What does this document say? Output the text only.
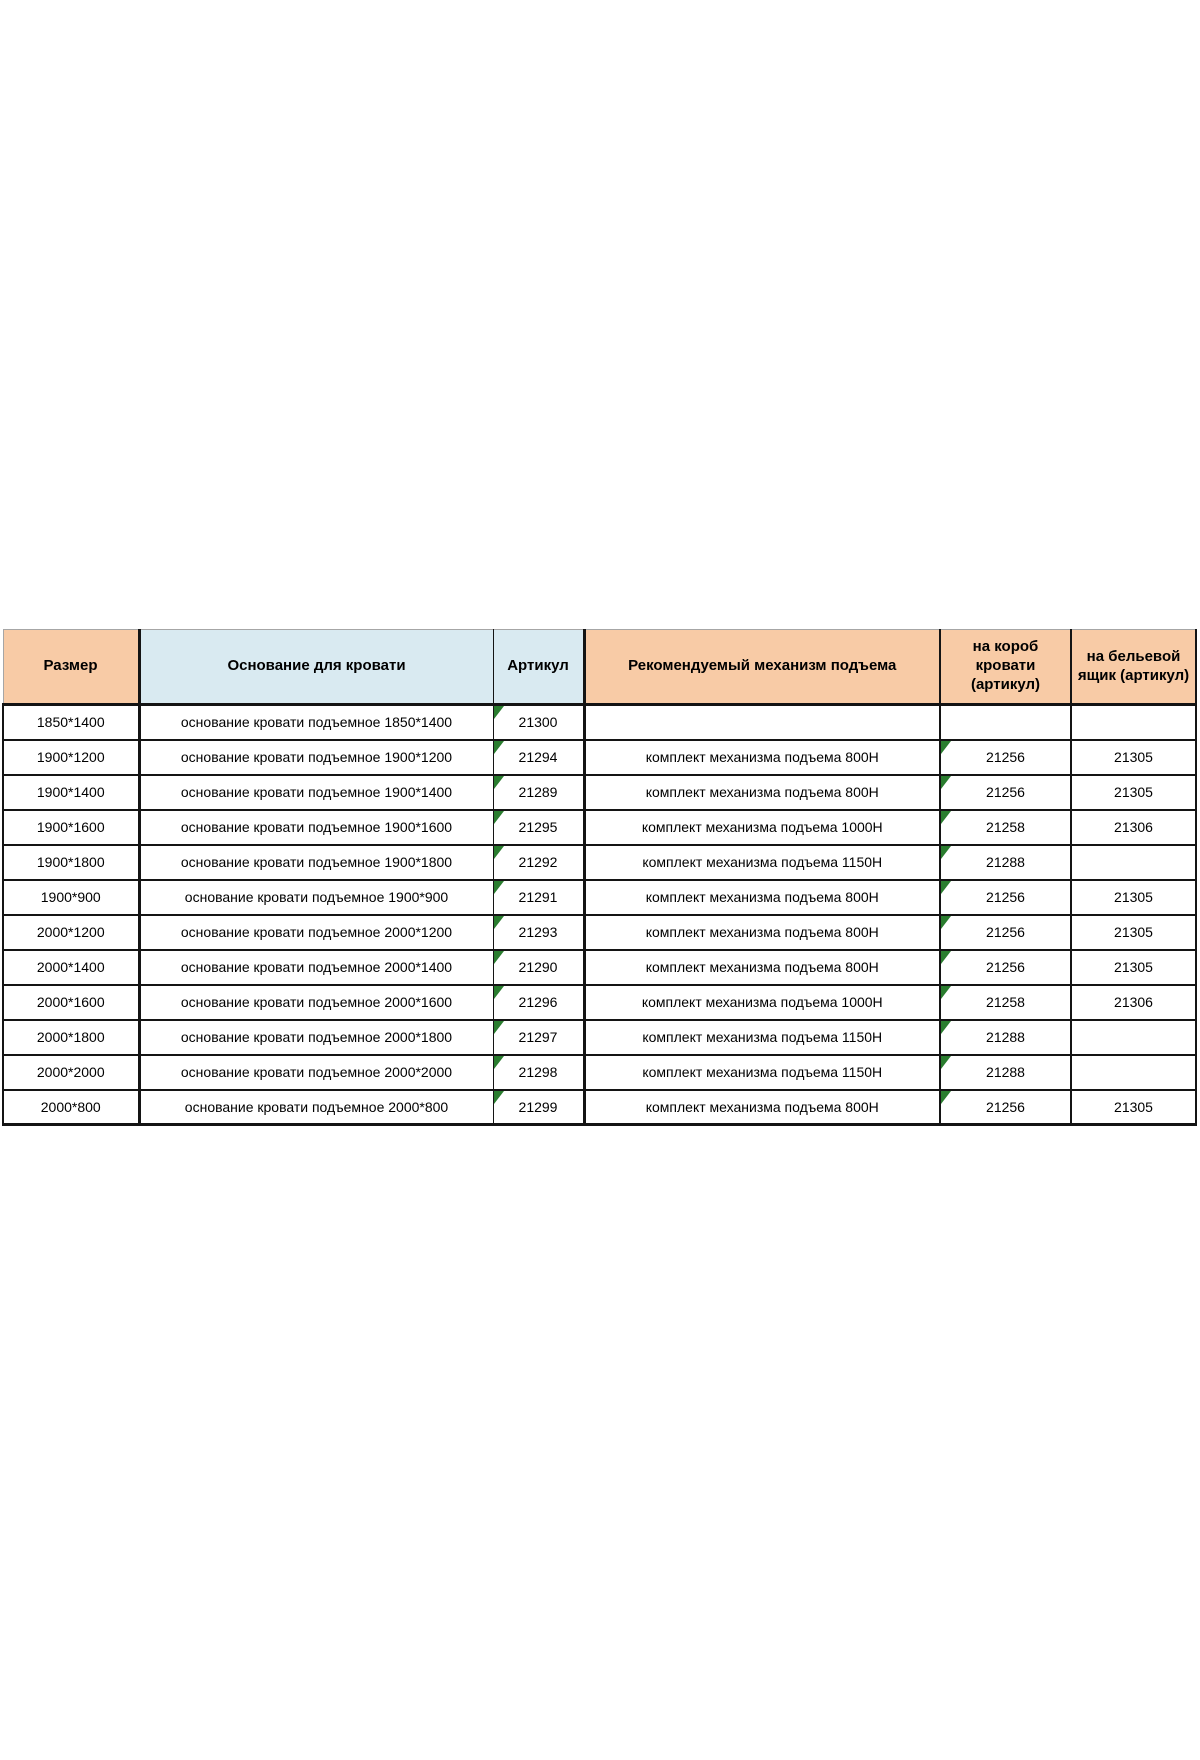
Размер	Основание для кровати	Артикул	Рекомендуемый механизм подъема	на короб кровати (артикул)	на бельевой ящик (артикул)
1850*1400	основание кровати подъемное 1850*1400	21300			
1900*1200	основание кровати подъемное 1900*1200	21294	комплект механизма подъема 800Н	21256	21305
1900*1400	основание кровати подъемное 1900*1400	21289	комплект механизма подъема 800Н	21256	21305
1900*1600	основание кровати подъемное 1900*1600	21295	комплект механизма подъема 1000Н	21258	21306
1900*1800	основание кровати подъемное 1900*1800	21292	комплект механизма подъема 1150Н	21288	
1900*900	основание кровати подъемное 1900*900	21291	комплект механизма подъема 800Н	21256	21305
2000*1200	основание кровати подъемное 2000*1200	21293	комплект механизма подъема 800Н	21256	21305
2000*1400	основание кровати подъемное 2000*1400	21290	комплект механизма подъема 800Н	21256	21305
2000*1600	основание кровати подъемное 2000*1600	21296	комплект механизма подъема 1000Н	21258	21306
2000*1800	основание кровати подъемное 2000*1800	21297	комплект механизма подъема 1150Н	21288	
2000*2000	основание кровати подъемное 2000*2000	21298	комплект механизма подъема 1150Н	21288	
2000*800	основание кровати подъемное 2000*800	21299	комплект механизма подъема 800Н	21256	21305
